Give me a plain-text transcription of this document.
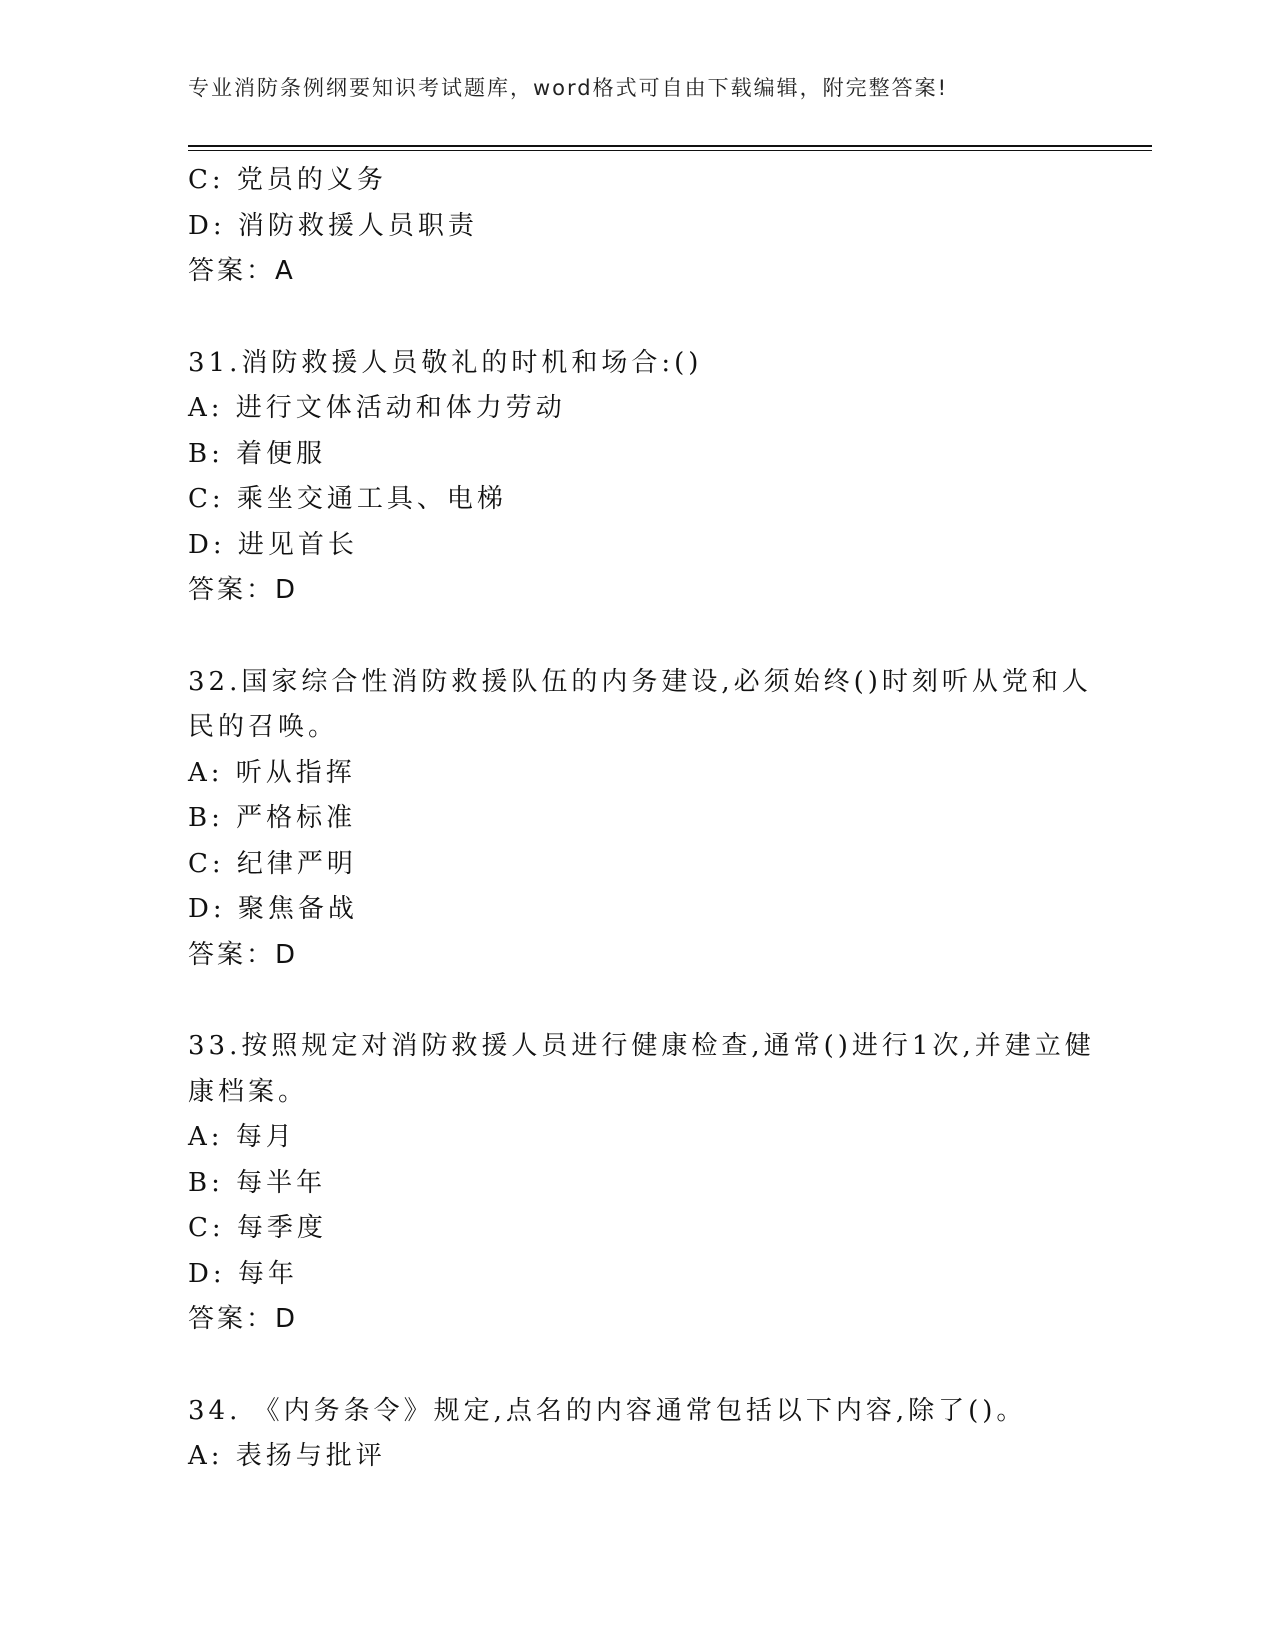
专业消防条例纲要知识考试题库，word格式可自由下载编辑，附完整答案!
C: 党员的义务
D: 消防救援人员职责
答案：A
31.消防救援人员敬礼的时机和场合:()
A: 进行文体活动和体力劳动
B: 着便服
C: 乘坐交通工具、电梯
D: 进见首长
答案：D
32.国家综合性消防救援队伍的内务建设,必须始终()时刻听从党和人
民的召唤。
A: 听从指挥
B: 严格标准
C: 纪律严明
D: 聚焦备战
答案：D
33.按照规定对消防救援人员进行健康检查,通常()进行1次,并建立健
康档案。
A: 每月
B: 每半年
C: 每季度
D: 每年
答案：D
34. 《内务条令》规定,点名的内容通常包括以下内容,除了()。
A: 表扬与批评
